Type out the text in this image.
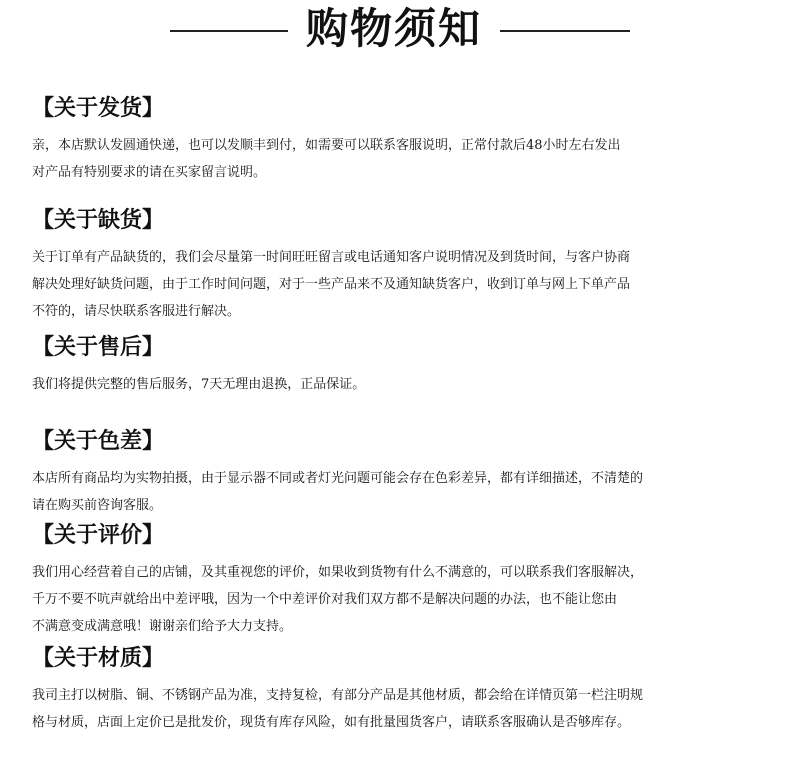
购物须知
【关于发货】
亲，本店默认发圆通快递，也可以发顺丰到付，如需要可以联系客服说明，正常付款后48小时左右发出
对产品有特别要求的请在买家留言说明。
【关于缺货】
关于订单有产品缺货的，我们会尽量第一时间旺旺留言或电话通知客户说明情况及到货时间，与客户协商
解决处理好缺货问题，由于工作时间问题，对于一些产品来不及通知缺货客户，收到订单与网上下单产品
不符的，请尽快联系客服进行解决。
【关于售后】
我们将提供完整的售后服务，7天无理由退换，正品保证。
【关于色差】
本店所有商品均为实物拍摄，由于显示器不同或者灯光问题可能会存在色彩差异，都有详细描述，不清楚的
请在购买前咨询客服。
【关于评价】
我们用心经营着自己的店铺，及其重视您的评价，如果收到货物有什么不满意的，可以联系我们客服解决，
千万不要不吭声就给出中差评哦，因为一个中差评价对我们双方都不是解决问题的办法，也不能让您由
不满意变成满意哦！谢谢亲们给予大力支持。
【关于材质】
我司主打以树脂、铜、不锈钢产品为准，支持复检，有部分产品是其他材质，都会给在详情页第一栏注明规
格与材质，店面上定价已是批发价，现货有库存风险，如有批量囤货客户，请联系客服确认是否够库存。
